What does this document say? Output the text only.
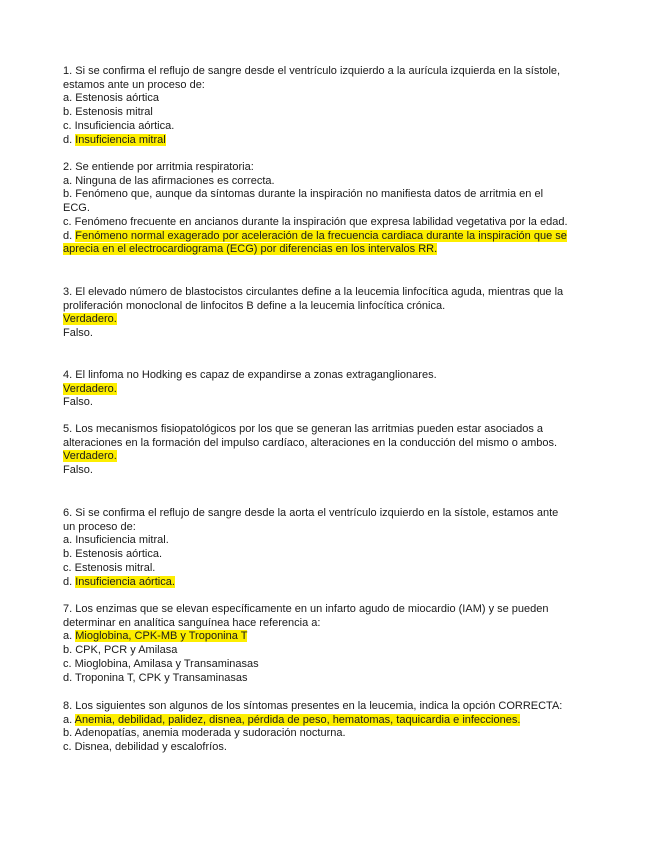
1. Si se confirma el reflujo de sangre desde el ventrículo izquierdo a la aurícula izquierda en la sístole, estamos ante un proceso de:
a. Estenosis aórtica
b. Estenosis mitral
c. Insuficiencia aórtica.
d. Insuficiencia mitral
2. Se entiende por arritmia respiratoria:
a. Ninguna de las afirmaciones es correcta.
b. Fenómeno que, aunque da síntomas durante la inspiración no manifiesta datos de arritmia en el ECG.
c. Fenómeno frecuente en ancianos durante la inspiración que expresa labilidad vegetativa por la edad.
d. Fenómeno normal exagerado por aceleración de la frecuencia cardiaca durante la inspiración que se aprecia en el electrocardiograma (ECG) por diferencias en los intervalos RR.
3. El elevado número de blastocistos circulantes define a la leucemia linfocítica aguda, mientras que la proliferación monoclonal de linfocitos B define a la leucemia linfocítica crónica.
Verdadero.
Falso.
4. El linfoma no Hodking es capaz de expandirse a zonas extraganglionares.
Verdadero.
Falso.
5. Los mecanismos fisiopatológicos por los que se generan las arritmias pueden estar asociados a alteraciones en la formación del impulso cardíaco, alteraciones en la conducción del mismo o ambos.
Verdadero.
Falso.
6. Si se confirma el reflujo de sangre desde la aorta el ventrículo izquierdo en la sístole, estamos ante un proceso de:
a. Insuficiencia mitral.
b. Estenosis aórtica.
c. Estenosis mitral.
d. Insuficiencia aórtica.
7. Los enzimas que se elevan específicamente en un infarto agudo de miocardio (IAM) y se pueden determinar en analítica sanguínea hace referencia a:
a. Mioglobina, CPK-MB y Troponina T
b. CPK, PCR y Amilasa
c. Mioglobina, Amilasa y Transaminasas
d. Troponina T, CPK y Transaminasas
8. Los siguientes son algunos de los síntomas presentes en la leucemia, indica la opción CORRECTA:
a. Anemia, debilidad, palidez, disnea, pérdida de peso, hematomas, taquicardia e infecciones.
b. Adenopatías, anemia moderada y sudoración nocturna.
c. Disnea, debilidad y escalofríos.
